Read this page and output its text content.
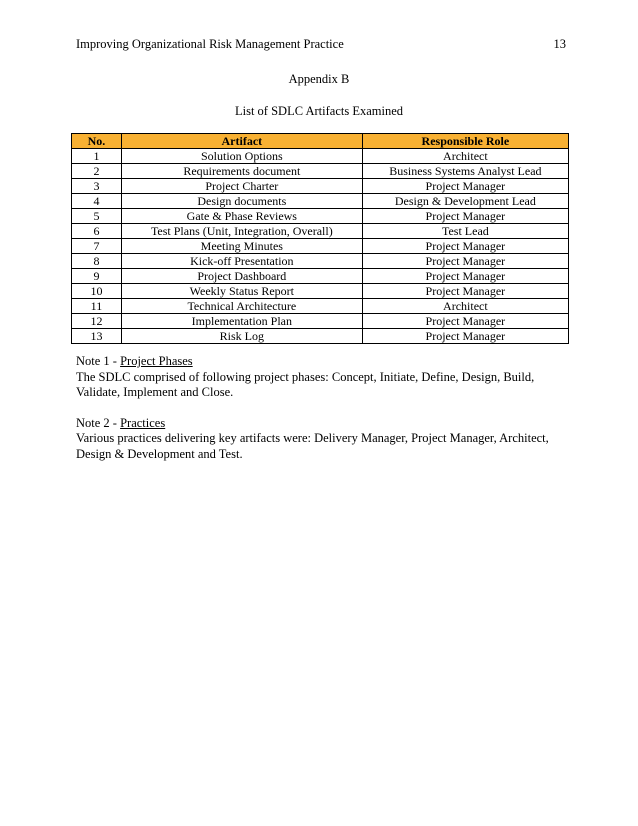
Improving Organizational Risk Management Practice	13
Appendix B
List of SDLC Artifacts Examined
No.	Artifact	Responsible Role
1	Solution Options	Architect
2	Requirements document	Business Systems Analyst Lead
3	Project Charter	Project Manager
4	Design documents	Design & Development Lead
5	Gate & Phase Reviews	Project Manager
6	Test Plans (Unit, Integration, Overall)	Test Lead
7	Meeting Minutes	Project Manager
8	Kick-off Presentation	Project Manager
9	Project Dashboard	Project Manager
10	Weekly Status Report	Project Manager
11	Technical Architecture	Architect
12	Implementation Plan	Project Manager
13	Risk Log	Project Manager

Note 1 - Project Phases

The SDLC comprised of following project phases: Concept, Initiate, Define, Design, Build,

Validate, Implement and Close.

Note 2 - Practices

Various practices delivering key artifacts were: Delivery Manager, Project Manager, Architect,

Design & Development and Test.
